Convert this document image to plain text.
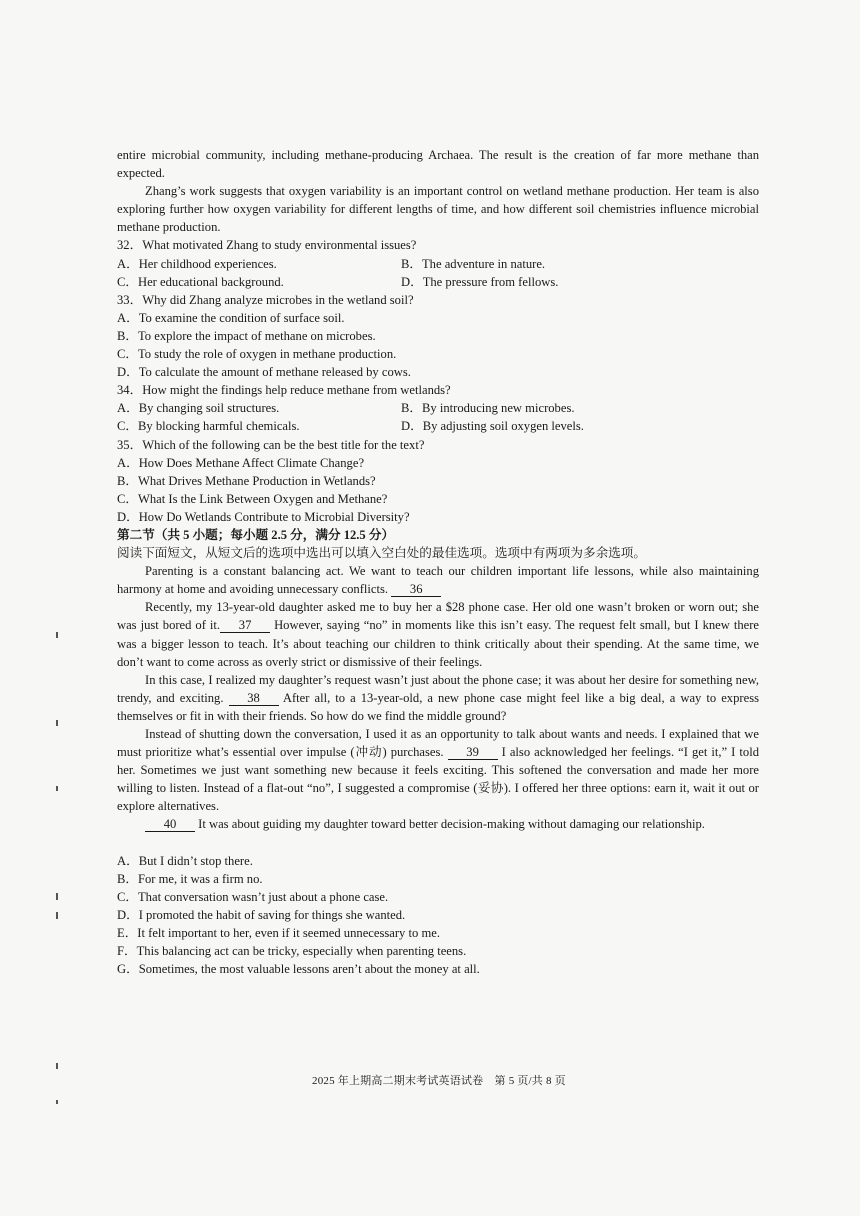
entire microbial community, including methane-producing Archaea. The result is the creation of far more methane than expected.

Zhang’s work suggests that oxygen variability is an important control on wetland methane production. Her team is also exploring further how oxygen variability for different lengths of time, and how different soil chemistries influence microbial methane production.

32．What motivated Zhang to study environmental issues?

A．Her childhood experiences.	B．The adventure in nature.
C．Her educational background.	D．The pressure from fellows.

33．Why did Zhang analyze microbes in the wetland soil?

A．To examine the condition of surface soil.

B．To explore the impact of methane on microbes.

C．To study the role of oxygen in methane production.

D．To calculate the amount of methane released by cows.

34．How might the findings help reduce methane from wetlands?

A．By changing soil structures.	B．By introducing new microbes.
C．By blocking harmful chemicals.	D．By adjusting soil oxygen levels.

35．Which of the following can be the best title for the text?

A．How Does Methane Affect Climate Change?

B．What Drives Methane Production in Wetlands?

C．What Is the Link Between Oxygen and Methane?

D．How Do Wetlands Contribute to Microbial Diversity?

第二节（共 5 小题；每小题 2.5 分，满分 12.5 分）

阅读下面短文，从短文后的选项中选出可以填入空白处的最佳选项。选项中有两项为多余选项。

Parenting is a constant balancing act. We want to teach our children important life lessons, while also maintaining harmony at home and avoiding unnecessary conflicts. 36

Recently, my 13-year-old daughter asked me to buy her a $28 phone case. Her old one wasn’t broken or worn out; she was just bored of it. 37 However, saying “no” in moments like this isn’t easy. The request felt small, but I knew there was a bigger lesson to teach. It’s about teaching our children to think critically about their spending. At the same time, we don’t want to come across as overly strict or dismissive of their feelings.

In this case, I realized my daughter’s request wasn’t just about the phone case; it was about her desire for something new, trendy, and exciting. 38 After all, to a 13-year-old, a new phone case might feel like a big deal, a way to express themselves or fit in with their friends. So how do we find the middle ground?

Instead of shutting down the conversation, I used it as an opportunity to talk about wants and needs. I explained that we must prioritize what’s essential over impulse (冲动) purchases. 39 I also acknowledged her feelings. “I get it,” I told her. Sometimes we just want something new because it feels exciting. This softened the conversation and made her more willing to listen. Instead of a flat-out “no”, I suggested a compromise (妥协). I offered her three options: earn it, wait it out or explore alternatives.

40 It was about guiding my daughter toward better decision-making without damaging our relationship.

A．But I didn’t stop there.

B．For me, it was a firm no.

C．That conversation wasn’t just about a phone case.

D．I promoted the habit of saving for things she wanted.

E．It felt important to her, even if it seemed unnecessary to me.

F．This balancing act can be tricky, especially when parenting teens.

G．Sometimes, the most valuable lessons aren’t about the money at all.

2025 年上期高二期末考试英语试卷　第 5 页/共 8 页
